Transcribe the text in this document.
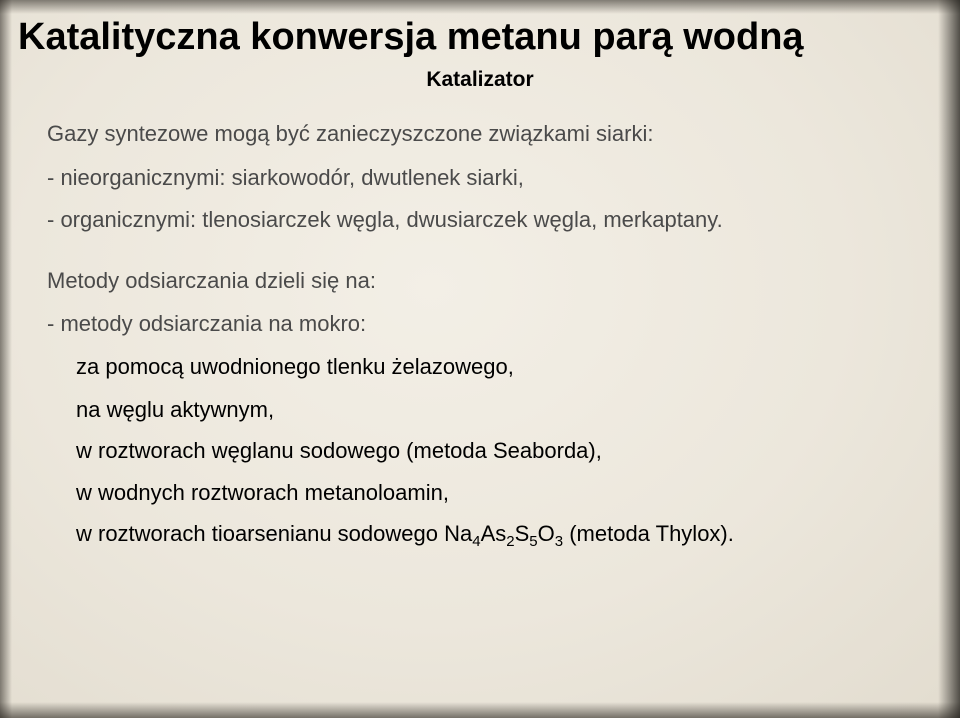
Katalityczna konwersja metanu parą wodną
Katalizator
Gazy syntezowe mogą być zanieczyszczone związkami siarki:
- nieorganicznymi: siarkowodór, dwutlenek siarki,
- organicznymi: tlenosiarczek węgla, dwusiarczek węgla, merkaptany.
Metody odsiarczania dzieli się na:
- metody odsiarczania na mokro:
za pomocą uwodnionego tlenku żelazowego,
na węglu aktywnym,
w roztworach węglanu sodowego (metoda Seaborda),
w wodnych roztworach metanoloamin,
w roztworach tioarsenianu sodowego $Na_4As_2S_5O_3$ (metoda Thylox).
